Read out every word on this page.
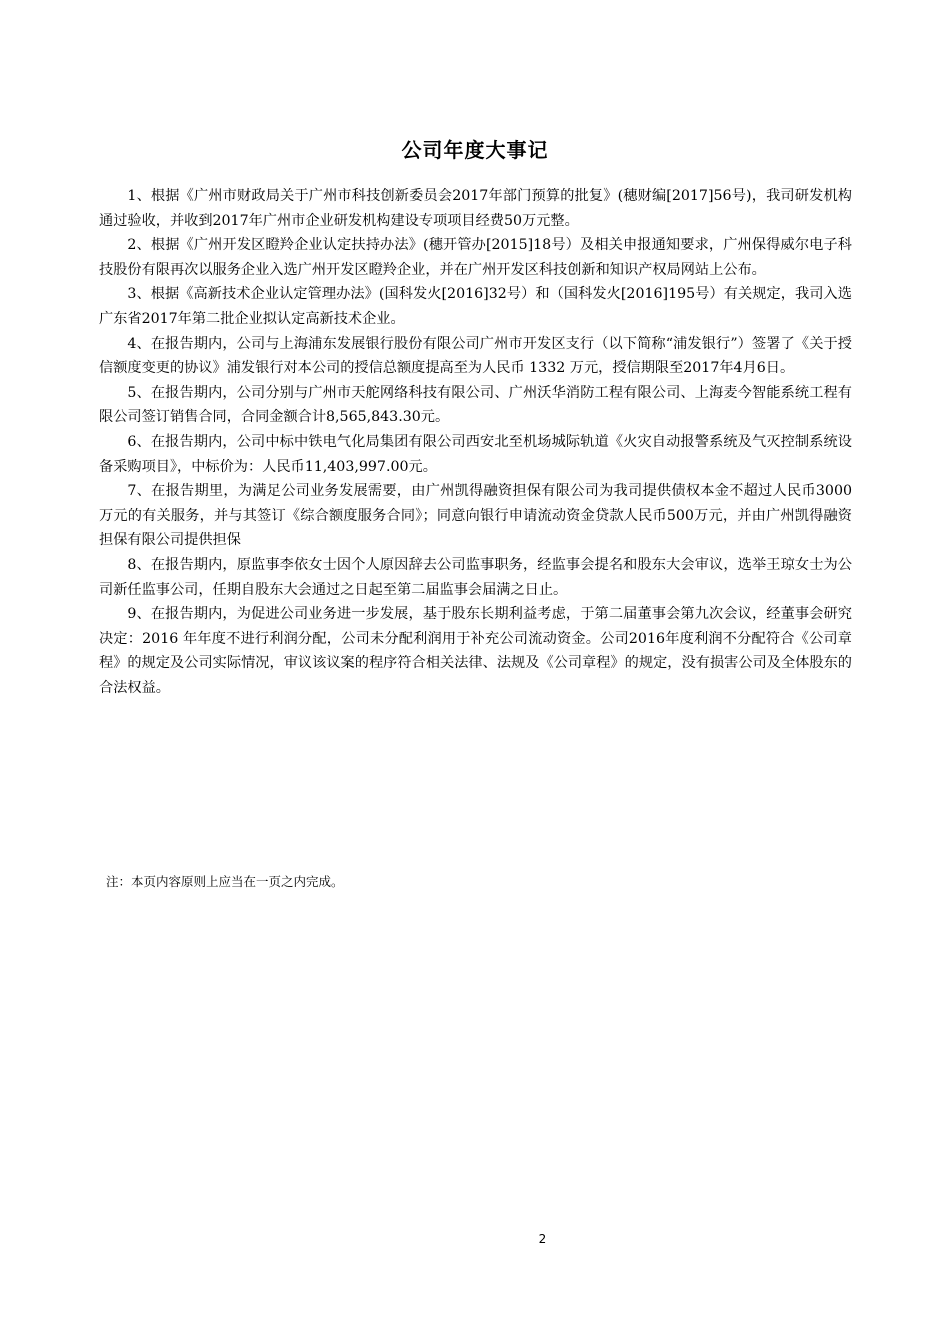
公司年度大事记

1、根据《广州市财政局关于广州市科技创新委员会2017年部门预算的批复》(穗财编[2017]56号)，我司研发机构通过验收，并收到2017年广州市企业研发机构建设专项项目经费50万元整。

2、根据《广州开发区瞪羚企业认定扶持办法》(穗开管办[2015]18号）及相关申报通知要求，广州保得威尔电子科技股份有限再次以服务企业入选广州开发区瞪羚企业，并在广州开发区科技创新和知识产权局网站上公布。

3、根据《高新技术企业认定管理办法》(国科发火[2016]32号）和（国科发火[2016]195号）有关规定，我司入选广东省2017年第二批企业拟认定高新技术企业。

4、在报告期内，公司与上海浦东发展银行股份有限公司广州市开发区支行（以下简称“浦发银行”）签署了《关于授信额度变更的协议》浦发银行对本公司的授信总额度提高至为人民币 1332 万元，授信期限至2017年4月6日。

5、在报告期内，公司分别与广州市天舵网络科技有限公司、广州沃华消防工程有限公司、上海麦今智能系统工程有限公司签订销售合同，合同金额合计8,565,843.30元。

6、在报告期内，公司中标中铁电气化局集团有限公司西安北至机场城际轨道《火灾自动报警系统及气灭控制系统设备采购项目》，中标价为：人民币11,403,997.00元。

7、在报告期里，为满足公司业务发展需要，由广州凯得融资担保有限公司为我司提供债权本金不超过人民币3000万元的有关服务，并与其签订《综合额度服务合同》；同意向银行申请流动资金贷款人民币500万元，并由广州凯得融资担保有限公司提供担保

8、在报告期内，原监事李依女士因个人原因辞去公司监事职务，经监事会提名和股东大会审议，选举王琼女士为公司新任监事公司，任期自股东大会通过之日起至第二届监事会届满之日止。

9、在报告期内，为促进公司业务进一步发展，基于股东长期利益考虑，于第二届董事会第九次会议，经董事会研究决定：2016 年年度不进行利润分配，公司未分配利润用于补充公司流动资金。公司2016年度利润不分配符合《公司章程》的规定及公司实际情况，审议该议案的程序符合相关法律、法规及《公司章程》的规定，没有损害公司及全体股东的合法权益。

注：本页内容原则上应当在一页之内完成。
2
